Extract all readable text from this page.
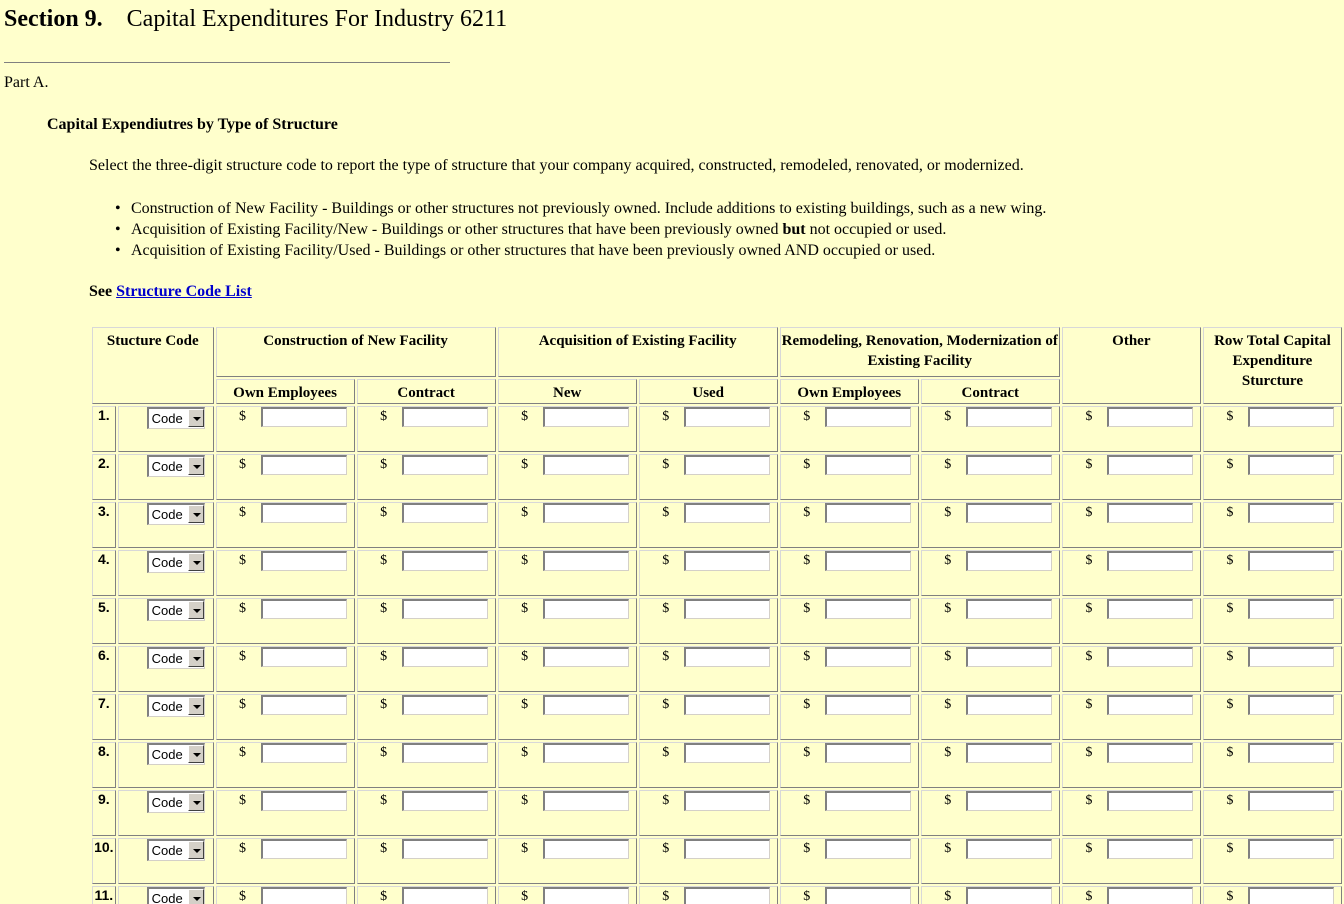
Section 9. Capital Expenditures For Industry 6211
Part A.
Capital Expendiutres by Type of Structure
Select the three-digit structure code to report the type of structure that your company acquired, constructed, remodeled, renovated, or modernized.
• Construction of New Facility - Buildings or other structures not previously owned. Include additions to existing buildings, such as a new wing.
• Acquisition of Existing Facility/New - Buildings or other structures that have been previously owned but not occupied or used.
• Acquisition of Existing Facility/Used - Buildings or other structures that have been previously owned AND occupied or used.
See Structure Code List
Stucture Code		Construction of New Facility		Acquisition of Existing Facility		Remodeling, Renovation, Modernization of Existing Facility		Other	Row Total Capital Expenditure Sturcture
		Own Employees	Contract	New	Used	Own Employees	Contract		
1.	Code	$	$	$	$	$	$	$	$
2.	Code	$	$	$	$	$	$	$	$
3.	Code	$	$	$	$	$	$	$	$
4.	Code	$	$	$	$	$	$	$	$
5.	Code	$	$	$	$	$	$	$	$
6.	Code	$	$	$	$	$	$	$	$
7.	Code	$	$	$	$	$	$	$	$
8.	Code	$	$	$	$	$	$	$	$
9.	Code	$	$	$	$	$	$	$	$
10.	Code	$	$	$	$	$	$	$	$
11.	Code	$	$	$	$	$	$	$	$
